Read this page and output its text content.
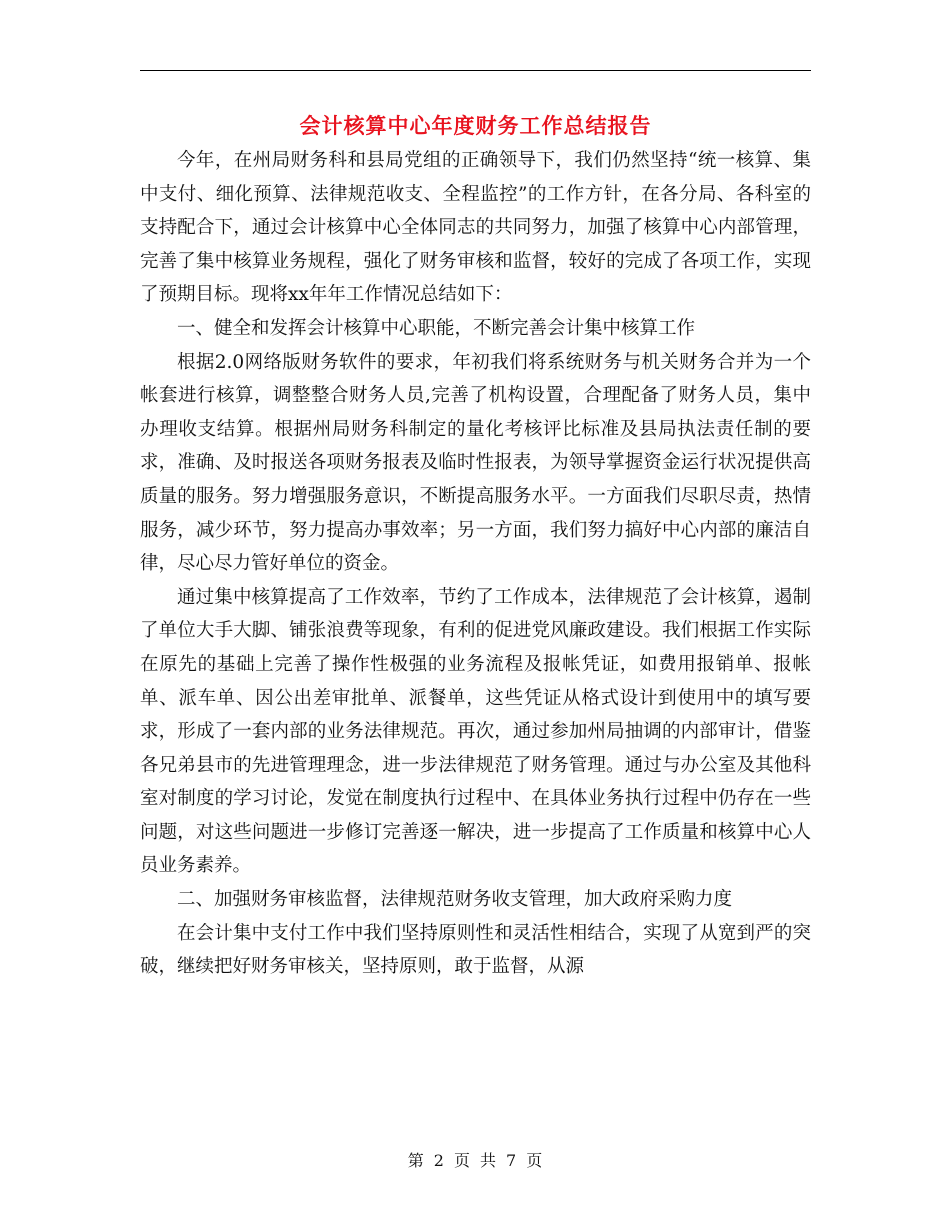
会计核算中心年度财务工作总结报告

今年，在州局财务科和县局党组的正确领导下，我们仍然坚持“统一核算、集中支付、细化预算、法律规范收支、全程监控”的工作方针，在各分局、各科室的支持配合下，通过会计核算中心全体同志的共同努力，加强了核算中心内部管理，完善了集中核算业务规程，强化了财务审核和监督，较好的完成了各项工作，实现了预期目标。现将xx年年工作情况总结如下：

一、健全和发挥会计核算中心职能，不断完善会计集中核算工作

根据2.0网络版财务软件的要求，年初我们将系统财务与机关财务合并为一个帐套进行核算，调整整合财务人员,完善了机构设置，合理配备了财务人员，集中办理收支结算。根据州局财务科制定的量化考核评比标准及县局执法责任制的要求，准确、及时报送各项财务报表及临时性报表，为领导掌握资金运行状况提供高质量的服务。努力增强服务意识，不断提高服务水平。一方面我们尽职尽责，热情服务，减少环节，努力提高办事效率；另一方面，我们努力搞好中心内部的廉洁自律，尽心尽力管好单位的资金。

通过集中核算提高了工作效率，节约了工作成本，法律规范了会计核算，遏制了单位大手大脚、铺张浪费等现象，有利的促进党风廉政建设。我们根据工作实际在原先的基础上完善了操作性极强的业务流程及报帐凭证，如费用报销单、报帐单、派车单、因公出差审批单、派餐单，这些凭证从格式设计到使用中的填写要求，形成了一套内部的业务法律规范。再次，通过参加州局抽调的内部审计，借鉴各兄弟县市的先进管理理念，进一步法律规范了财务管理。通过与办公室及其他科室对制度的学习讨论，发觉在制度执行过程中、在具体业务执行过程中仍存在一些问题，对这些问题进一步修订完善逐一解决，进一步提高了工作质量和核算中心人员业务素养。

二、加强财务审核监督，法律规范财务收支管理，加大政府采购力度

在会计集中支付工作中我们坚持原则性和灵活性相结合，实现了从宽到严的突破，继续把好财务审核关，坚持原则，敢于监督，从源

第 2 页 共 7 页
